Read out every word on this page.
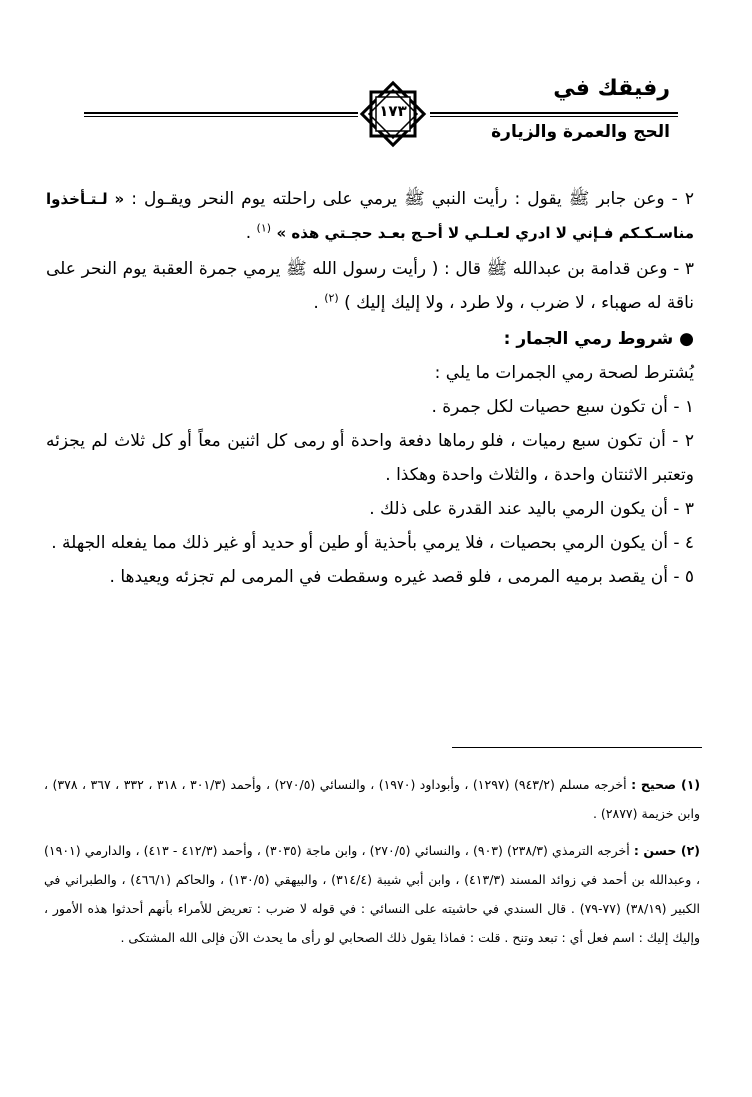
رفيقك في
الحج والعمرة والزيارة
١٧٣

٢ - وعن جابر ﷺ يقول : رأيت النبي ﷺ يرمي على راحلته يوم النحر ويقـول : « لـتـأخذوا مناسـكـكم فـإني لا ادري لعـلـي لا أحـج بعـد حجـتي هذه » $^{(١)}$ .

٣ - وعن قدامة بن عبدالله ﷺ قال : ( رأيت رسول الله ﷺ يرمي جمرة العقبة يوم النحر على ناقة له صهباء ، لا ضرب ، ولا طرد ، ولا إليك إليك ) $^{(٢)}$ .

● شروط رمي الجمار :

يُشترط لصحة رمي الجمرات ما يلي :

١ - أن تكون سبع حصيات لكل جمرة .

٢ - أن تكون سبع رميات ، فلو رماها دفعة واحدة أو رمى كل اثنين معاً أو كل ثلاث لم يجزئه وتعتبر الاثنتان واحدة ، والثلاث واحدة وهكذا .

٣ - أن يكون الرمي باليد عند القدرة على ذلك .

٤ - أن يكون الرمي بحصيات ، فلا يرمي بأحذية أو طين أو حديد أو غير ذلك مما يفعله الجهلة .

٥ - أن يقصد برميه المرمى ، فلو قصد غيره وسقطت في المرمى لم تجزئه ويعيدها .

(١) صحيح : أخرجه مسلم (٩٤٣/٢) (١٢٩٧) ، وأبوداود (١٩٧٠) ، والنسائي (٢٧٠/٥) ، وأحمد (٣٠١/٣ ، ٣١٨ ، ٣٣٢ ، ٣٦٧ ، ٣٧٨) ، وابن خزيمة (٢٨٧٧) .

(٢) حسن : أخرجه الترمذي (٢٣٨/٣) (٩٠٣) ، والنسائي (٢٧٠/٥) ، وابن ماجة (٣٠٣٥) ، وأحمد (٤١٢/٣ - ٤١٣) ، والدارمي (١٩٠١) ، وعبدالله بن أحمد في زوائد المسند (٤١٣/٣) ، وابن أبي شيبة (٣١٤/٤) ، والبيهقي (١٣٠/٥) ، والحاكم (٤٦٦/١) ، والطبراني في الكبير (٣٨/١٩) (٧٧-٧٩) . قال السندي في حاشيته على النسائي : في قوله لا ضرب : تعريض للأمراء بأنهم أحدثوا هذه الأمور ، وإليك إليك : اسم فعل أي : تبعد وتنح . قلت : فماذا يقول ذلك الصحابي لو رأى ما يحدث الآن فإلى الله المشتكى .
